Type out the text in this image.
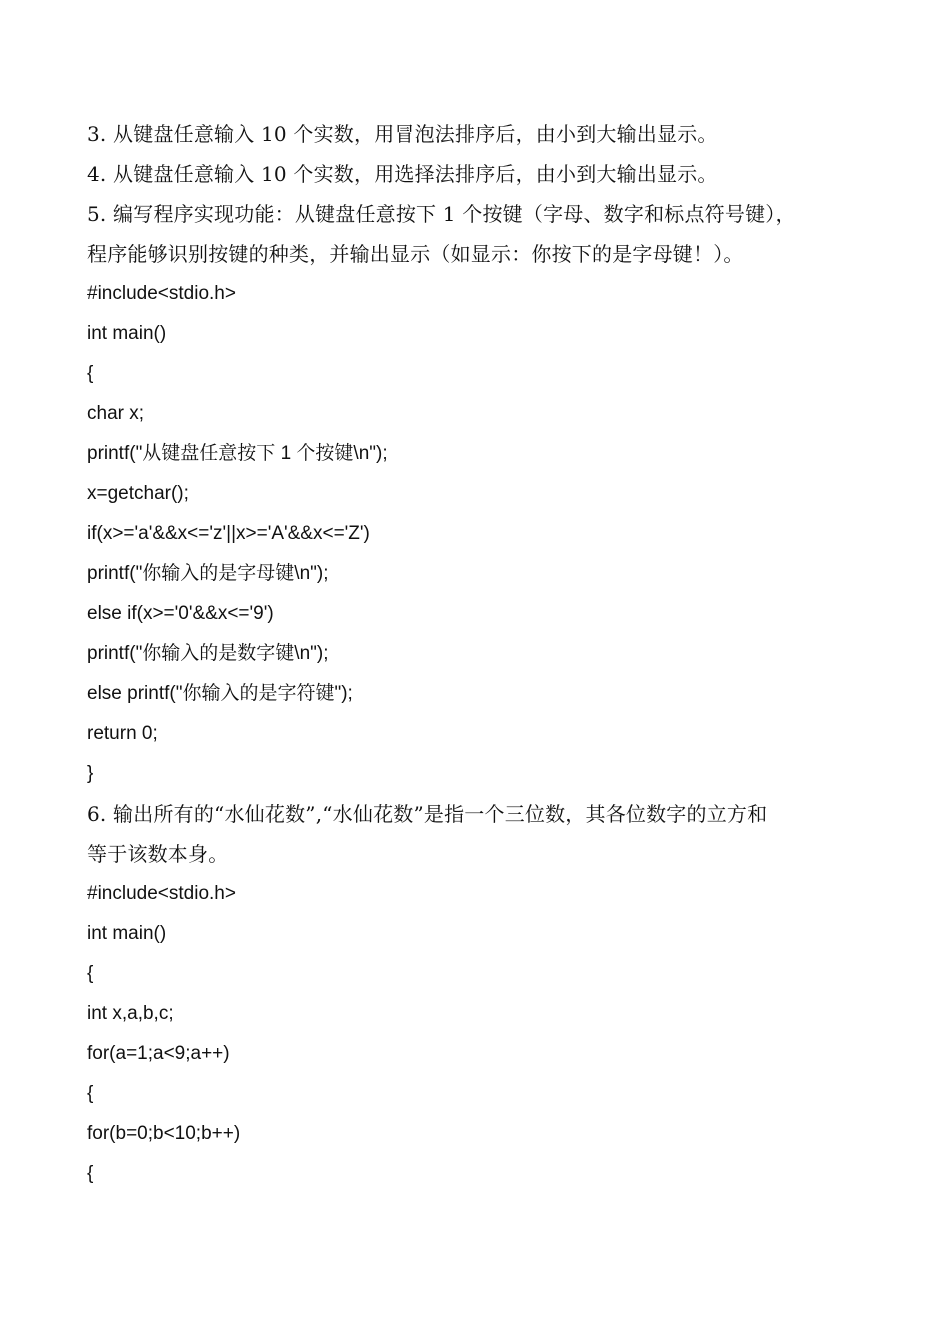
3. 从键盘任意输入 10 个实数，用冒泡法排序后，由小到大输出显示。
4. 从键盘任意输入 10 个实数，用选择法排序后，由小到大输出显示。
5. 编写程序实现功能：从键盘任意按下 1 个按键（字母、数字和标点符号键），
程序能够识别按键的种类，并输出显示（如显示：你按下的是字母键！）。
#include<stdio.h>
int main()
{
char x;
printf("从键盘任意按下 1 个按键\n");
x=getchar();
if(x>='a'&&x<='z'||x>='A'&&x<='Z')
printf("你输入的是字母键\n");
else if(x>='0'&&x<='9')
printf("你输入的是数字键\n");
else printf("你输入的是字符键");
return 0;
}
6. 输出所有的“水仙花数”,“水仙花数”是指一个三位数，其各位数字的立方和
等于该数本身。
#include<stdio.h>
int main()
{
int x,a,b,c;
for(a=1;a<9;a++)
{
for(b=0;b<10;b++)
{
